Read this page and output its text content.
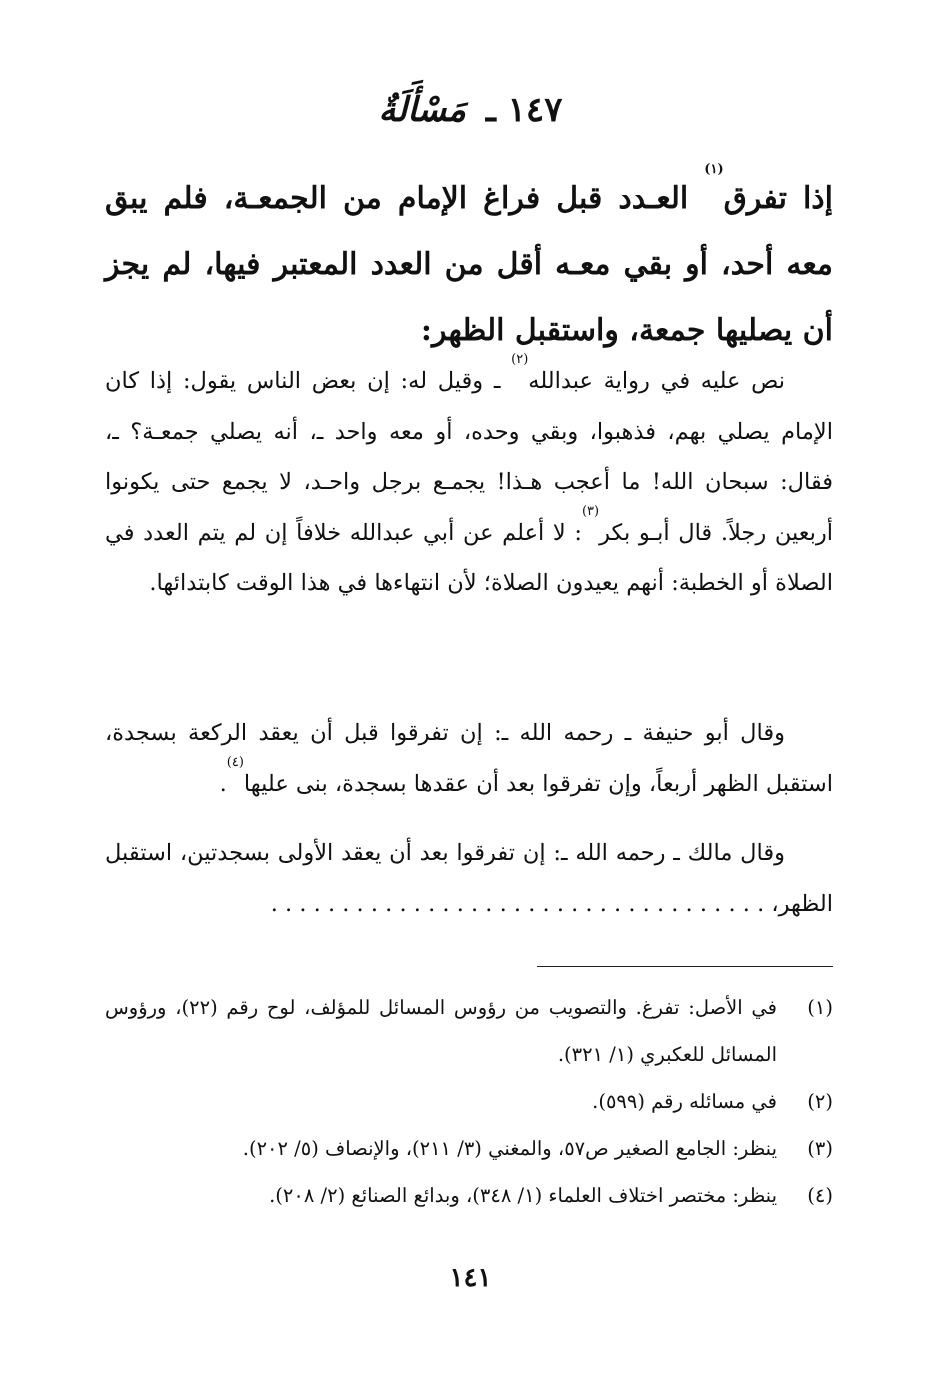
١٤٧ ـ مَسْأَلَةٌ
إذا تفرق$^{(١)}$ العـدد قبل فراغ الإمام من الجمعـة، فلم يبق معه أحد، أو بقي معـه أقل من العدد المعتبر فيها، لم يجز أن يصليها جمعة، واستقبل الظهر:
نص عليه في رواية عبدالله$^{(٢)}$ ـ وقيل له: إن بعض الناس يقول: إذا كان الإمام يصلي بهم، فذهبوا، وبقي وحده، أو معه واحد ـ، أنه يصلي جمعـة؟ ـ، فقال: سبحان الله! ما أعجب هـذا! يجمـع برجل واحـد، لا يجمع حتى يكونوا أربعين رجلاً. قال أبـو بكر$^{(٣)}$: لا أعلم عن أبي عبدالله خلافاً إن لم يتم العدد في الصلاة أو الخطبة: أنهم يعيدون الصلاة؛ لأن انتهاءها في هذا الوقت كابتدائها.
وقال أبو حنيفة ـ رحمه الله ـ: إن تفرقوا قبل أن يعقد الركعة بسجدة، استقبل الظهر أربعاً، وإن تفرقوا بعد أن عقدها بسجدة، بنى عليها$^{(٤)}$.
وقال مالك ـ رحمه الله ـ: إن تفرقوا بعد أن يعقد الأولى بسجدتين، استقبل الظهر، . . . . . . . . . . . . . . . . . . . . . . . . . . . . . . . . . . .
(١)
في الأصل: تفرغ. والتصويب من رؤوس المسائل للمؤلف، لوح رقم (٢٢)، ورؤوس المسائل للعكبري (١/ ٣٢١).
(٢)
في مسائله رقم (٥٩٩).
(٣)
ينظر: الجامع الصغير ص٥٧، والمغني (٣/ ٢١١)، والإنصاف (٥/ ٢٠٢).
(٤)
ينظر: مختصر اختلاف العلماء (١/ ٣٤٨)، وبدائع الصنائع (٢/ ٢٠٨).
١٤١
